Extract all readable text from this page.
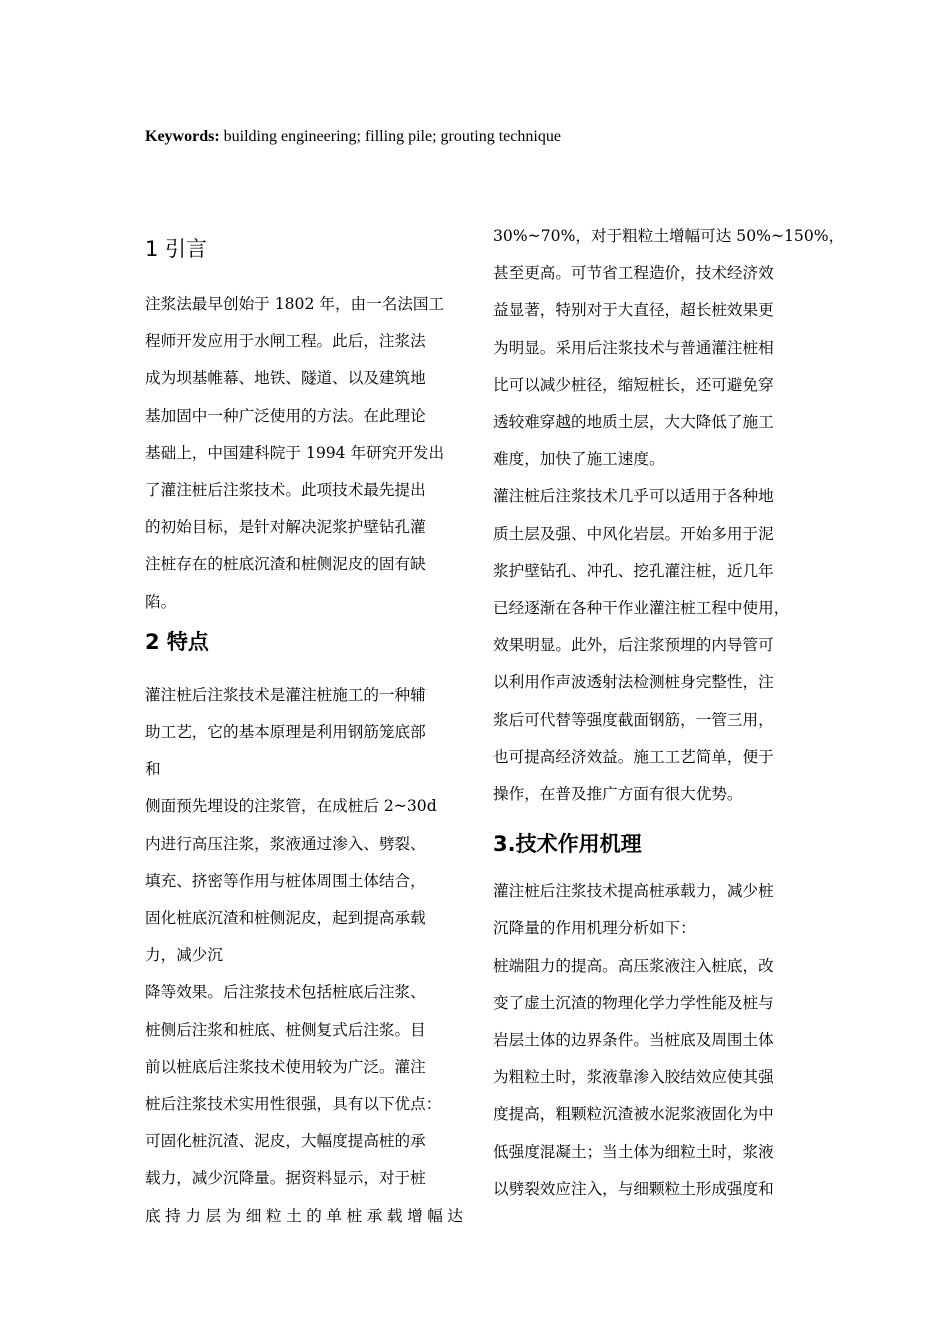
Keywords: building engineering; filling pile; grouting technique
1 引言

注浆法最早创始于 1802 年，由一名法国工

程师开发应用于水闸工程。此后，注浆法

成为坝基帷幕、地铁、隧道、以及建筑地

基加固中一种广泛使用的方法。在此理论

基础上，中国建科院于 1994 年研究开发出

了灌注桩后注浆技术。此项技术最先提出

的初始目标，是针对解决泥浆护壁钻孔灌

注桩存在的桩底沉渣和桩侧泥皮的固有缺

陷。

2 特点

灌注桩后注浆技术是灌注桩施工的一种辅

助工艺，它的基本原理是利用钢筋笼底部

和

侧面预先埋设的注浆管，在成桩后 2~30d

内进行高压注浆，浆液通过渗入、劈裂、

填充、挤密等作用与桩体周围土体结合，

固化桩底沉渣和桩侧泥皮，起到提高承载

力，减少沉

降等效果。后注浆技术包括桩底后注浆、

桩侧后注浆和桩底、桩侧复式后注浆。目

前以桩底后注浆技术使用较为广泛。灌注

桩后注浆技术实用性很强，具有以下优点：

可固化桩沉渣、泥皮，大幅度提高桩的承

载力，减少沉降量。据资料显示，对于桩

底持力层为细粒土的单桩承载增幅达

30%~70%，对于粗粒土增幅可达 50%~150%，

甚至更高。可节省工程造价，技术经济效

益显著，特别对于大直径，超长桩效果更

为明显。采用后注浆技术与普通灌注桩相

比可以减少桩径，缩短桩长，还可避免穿

透较难穿越的地质土层，大大降低了施工

难度，加快了施工速度。

灌注桩后注浆技术几乎可以适用于各种地

质土层及强、中风化岩层。开始多用于泥

浆护壁钻孔、冲孔、挖孔灌注桩，近几年

已经逐渐在各种干作业灌注桩工程中使用，

效果明显。此外，后注浆预埋的内导管可

以利用作声波透射法检测桩身完整性，注

浆后可代替等强度截面钢筋，一管三用，

也可提高经济效益。施工工艺简单，便于

操作，在普及推广方面有很大优势。

3.技术作用机理

灌注桩后注浆技术提高桩承载力，减少桩

沉降量的作用机理分析如下：

桩端阻力的提高。高压浆液注入桩底，改

变了虚土沉渣的物理化学力学性能及桩与

岩层土体的边界条件。当桩底及周围土体

为粗粒土时，浆液靠渗入胶结效应使其强

度提高，粗颗粒沉渣被水泥浆液固化为中

低强度混凝土；当土体为细粒土时，浆液

以劈裂效应注入，与细颗粒土形成强度和
